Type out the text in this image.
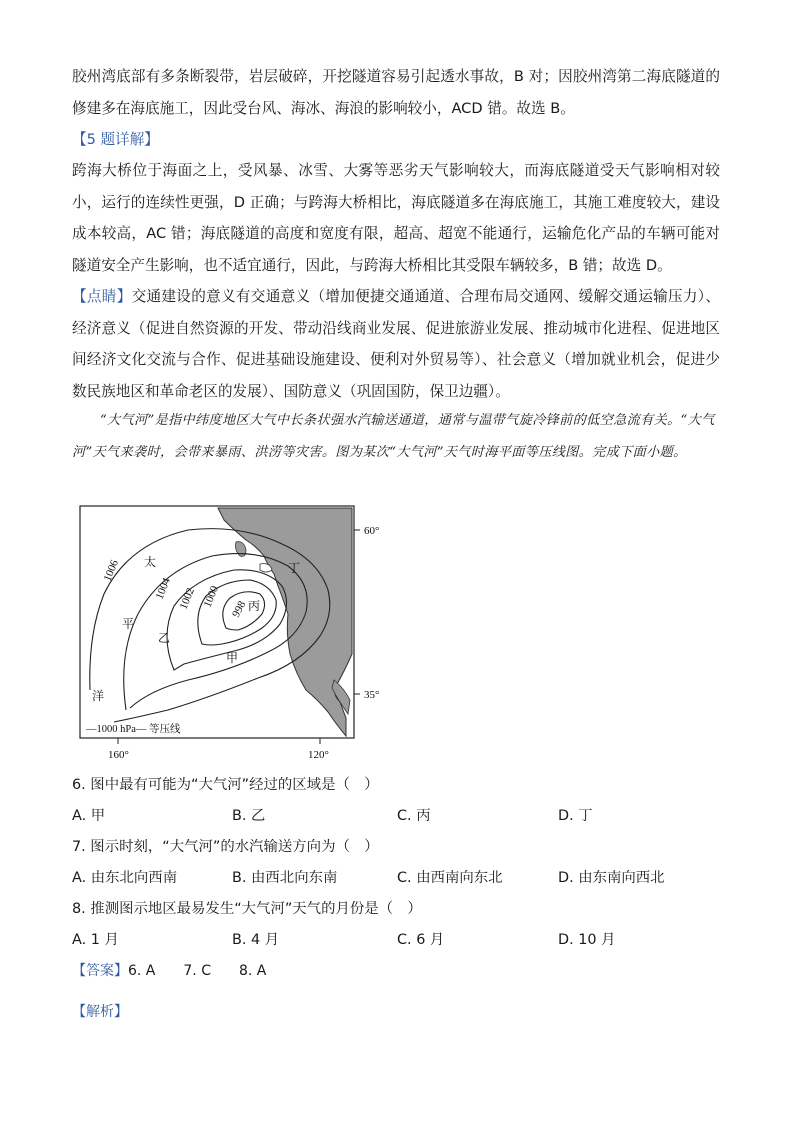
胶州湾底部有多条断裂带，岩层破碎，开挖隧道容易引起透水事故，B 对；因胶州湾第二海底隧道的修建多在海底施工，因此受台风、海冰、海浪的影响较小，ACD 错。故选 B。

【5 题详解】

跨海大桥位于海面之上，受风暴、冰雪、大雾等恶劣天气影响较大，而海底隧道受天气影响相对较小，运行的连续性更强，D 正确；与跨海大桥相比，海底隧道多在海底施工，其施工难度较大，建设成本较高，AC 错；海底隧道的高度和宽度有限，超高、超宽不能通行，运输危化产品的车辆可能对隧道安全产生影响，也不适宜通行，因此，与跨海大桥相比其受限车辆较多，B 错；故选 D。

【点睛】交通建设的意义有交通意义（增加便捷交通通道、合理布局交通网、缓解交通运输压力）、经济意义（促进自然资源的开发、带动沿线商业发展、促进旅游业发展、推动城市化进程、促进地区间经济文化交流与合作、促进基础设施建设、便利对外贸易等）、社会意义（增加就业机会，促进少数民族地区和革命老区的发展）、国防意义（巩固国防，保卫边疆）。

“大气河”是指中纬度地区大气中长条状强水汽输送通道，通常与温带气旋冷锋前的低空急流有关。“大气河”天气来袭时，会带来暴雨、洪涝等灾害。图为某次“大气河”天气时海平面等压线图。完成下面小题。

1006
1004 1002 1000
998
太
平
洋
乙
甲
丙
丁
60°
35°
160°	120°
—1000 hPa— 等压线

6. 图中最有可能为“大气河”经过的区域是（　）

A. 甲	B. 乙	C. 丙	D. 丁

7. 图示时刻，“大气河”的水汽输送方向为（　）

A. 由东北向西南	B. 由西北向东南	C. 由西南向东北	D. 由东南向西北

8. 推测图示地区最易发生“大气河”天气的月份是（　）

A. 1 月	B. 4 月	C. 6 月	D. 10 月
【答案】6. A　　7. C　　8. A
【解析】
